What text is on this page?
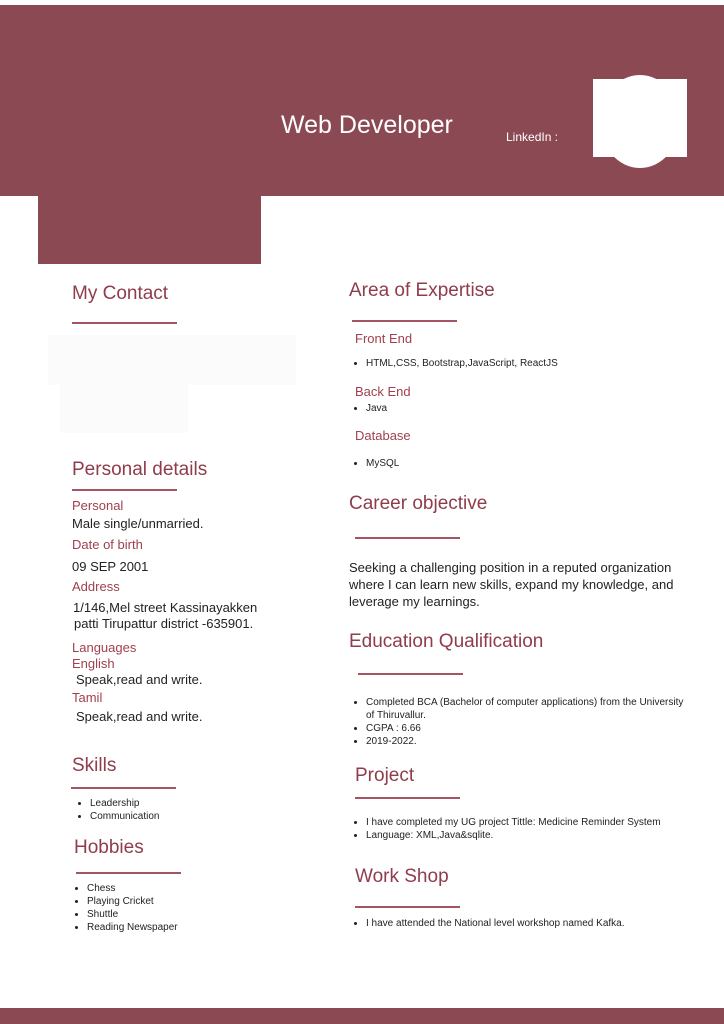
Web Developer	LinkedIn :
My Contact
Personal details
Personal
Male single/unmarried.
Date of birth
09 SEP 2001
Address
1/146,Mel street Kassinayakken
patti Tirupattur district -635901.
Languages
English
Speak,read and write.
Tamil
Speak,read and write.
Skills
• Leadership
• Communication
Hobbies
• Chess
• Playing Cricket
• Shuttle
• Reading Newspaper
Area of Expertise
Front End
• HTML,CSS, Bootstrap,JavaScript, ReactJS
Back End
• Java
Database
• MySQL
Career objective
Seeking a challenging position in a reputed organization where I can learn new skills, expand my knowledge, and leverage my learnings.
Education Qualification
• Completed BCA (Bachelor of computer applications) from the University of Thiruvallur.
• CGPA : 6.66
• 2019-2022.
Project
• I have completed my UG project Tittle: Medicine Reminder System
• Language: XML,Java&sqlite.
Work Shop
• I have attended the National level workshop named Kafka.
